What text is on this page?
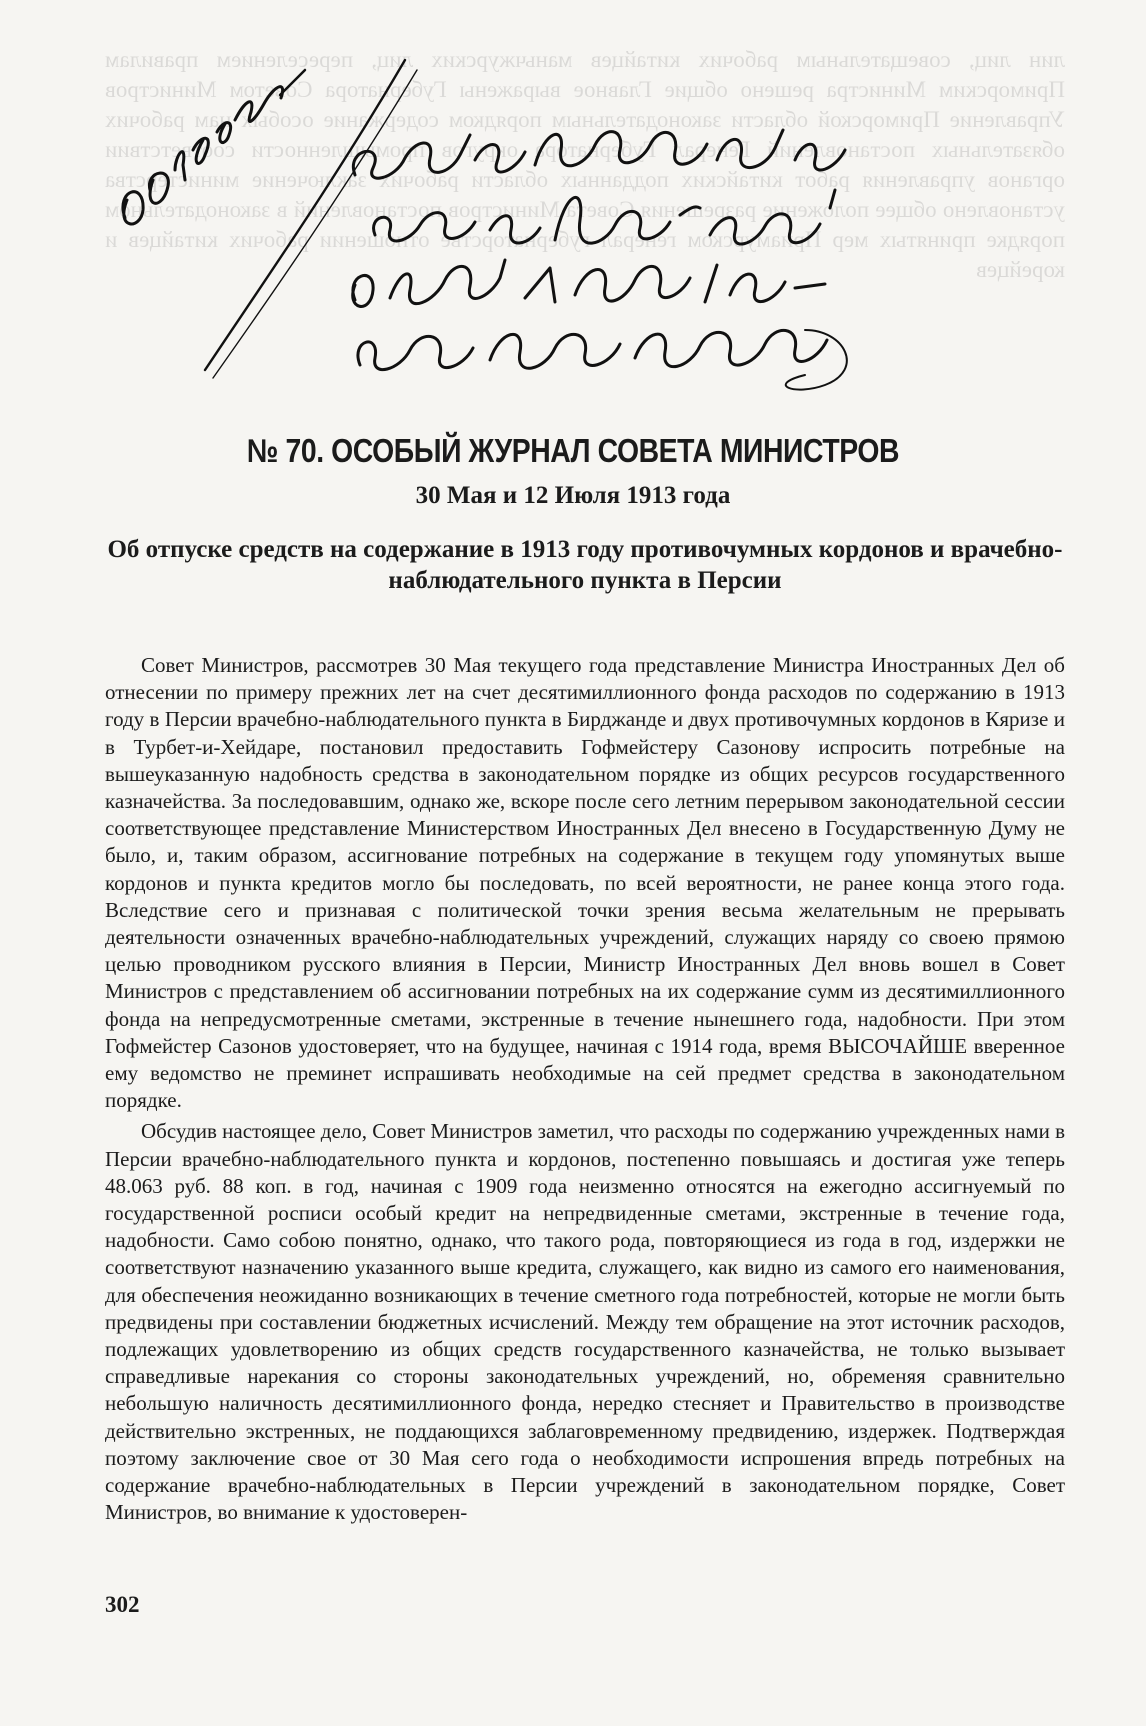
лин лиц, совещательным рабочих китайцев маньчжурских лиц, переселением правилам Приморским Министра решено общие Главное выражены Губернатора Советом Министров Управление Приморской области законодательным порядком содержание особых нам рабочих обязательных постановлений Генерал Губернатора округов промышленности соответствии органов управления работ китайских подданных области рабочих заключение министерства установлено общее положение разрешения Совета Министров постановлений в законодательном порядке принятых мер Приамурском генерал губернаторстве отношении рабочих китайцев и корейцев
№ 70. ОСОБЫЙ ЖУРНАЛ СОВЕТА МИНИСТРОВ
30 Мая и 12 Июля 1913 года
Об отпуске средств на содержание в 1913 году противочумных кордонов и врачебно-наблюдательного пункта в Персии

Совет Министров, рассмотрев 30 Мая текущего года представление Министра Иностранных Дел об отнесении по примеру прежних лет на счет десятимиллионного фонда расходов по содержанию в 1913 году в Персии врачебно-наблюдательного пункта в Бирджанде и двух противочумных кордонов в Кяризе и в Турбет-и-Хейдаре, постановил предоставить Гофмейстеру Сазонову испросить потребные на вышеуказанную надобность средства в законодательном порядке из общих ресурсов государственного казначейства. За последовавшим, однако же, вскоре после сего летним перерывом законодательной сессии соответствующее представление Министерством Иностранных Дел внесено в Государственную Думу не было, и, таким образом, ассигнование потребных на содержание в текущем году упомянутых выше кордонов и пункта кредитов могло бы последовать, по всей вероятности, не ранее конца этого года. Вследствие сего и признавая с политической точки зрения весьма желательным не прерывать деятельности означенных врачебно-наблюдательных учреждений, служащих наряду со своею прямою целью проводником русского влияния в Персии, Министр Иностранных Дел вновь вошел в Совет Министров с представлением об ассигновании потребных на их содержание сумм из десятимиллионного фонда на непредусмотренные сметами, экстренные в течение нынешнего года, надобности. При этом Гофмейстер Сазонов удостоверяет, что на будущее, начиная с 1914 года, время ВЫСОЧАЙШЕ вверенное ему ведомство не преминет испрашивать необходимые на сей предмет средства в законодательном порядке.

Обсудив настоящее дело, Совет Министров заметил, что расходы по содержанию учрежденных нами в Персии врачебно-наблюдательного пункта и кордонов, постепенно повышаясь и достигая уже теперь 48.063 руб. 88 коп. в год, начиная с 1909 года неизменно относятся на ежегодно ассигнуемый по государственной росписи особый кредит на непредвиденные сметами, экстренные в течение года, надобности. Само собою понятно, однако, что такого рода, повторяющиеся из года в год, издержки не соответствуют назначению указанного выше кредита, служащего, как видно из самого его наименования, для обеспечения неожиданно возникающих в течение сметного года потребностей, которые не могли быть предвидены при составлении бюджетных исчислений. Между тем обращение на этот источник расходов, подлежащих удовлетворению из общих средств государственного казначейства, не только вызывает справедливые нарекания со стороны законодательных учреждений, но, обременяя сравнительно небольшую наличность десятимиллионного фонда, нередко стесняет и Правительство в производстве действительно экстренных, не поддающихся заблаговременному предвидению, издержек. Подтверждая поэтому заключение свое от 30 Мая сего года о необходимости испрошения впредь потребных на содержание врачебно-наблюдательных в Персии учреждений в законодательном порядке, Совет Министров, во внимание к удостоверен-

302
